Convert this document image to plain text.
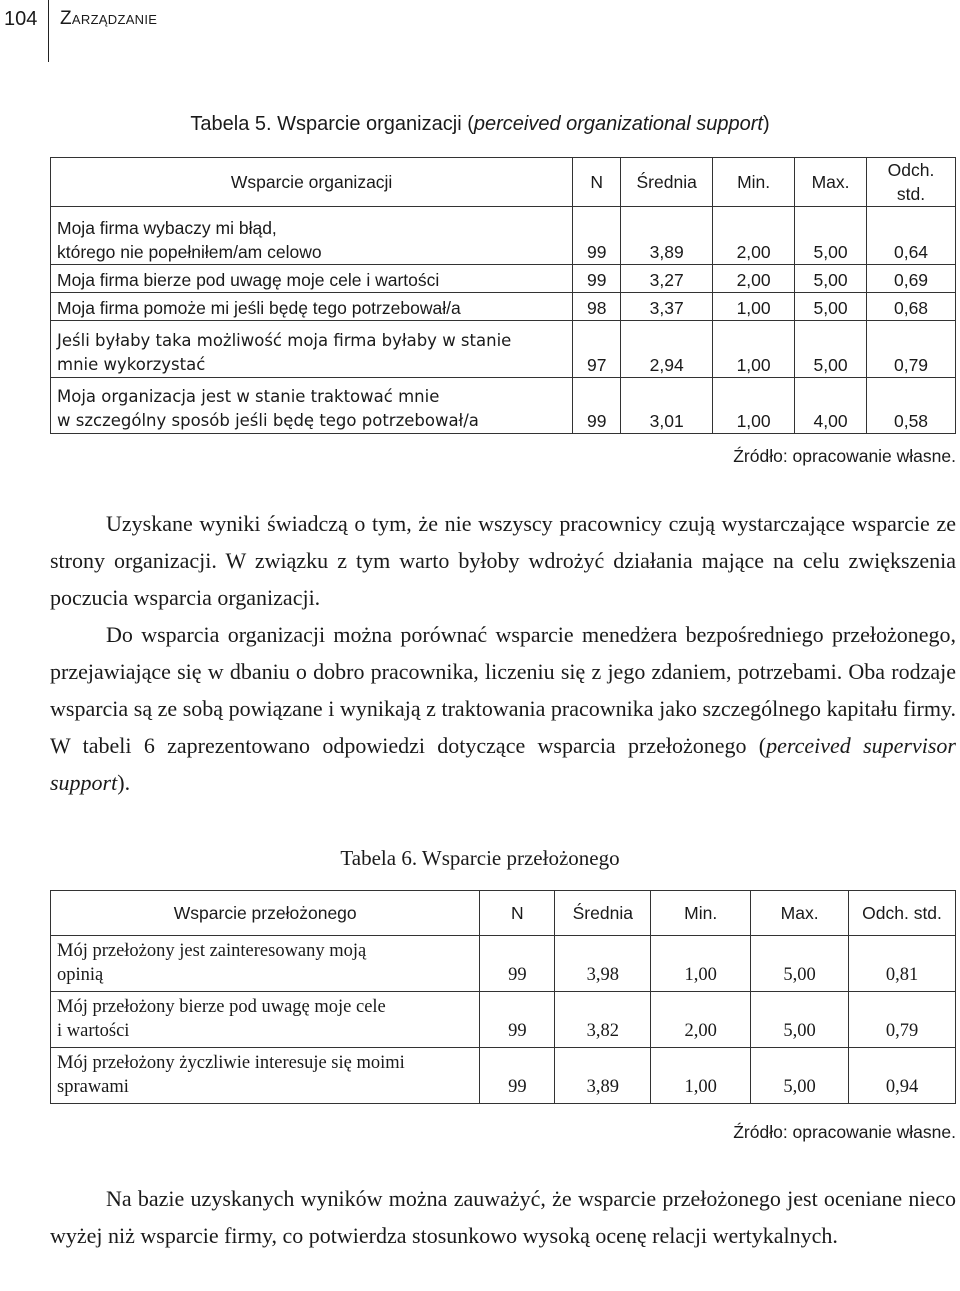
104 Zarządzanie
Tabela 5. Wsparcie organizacji (perceived organizational support)
Wsparcie organizacji	N	Średnia	Min.	Max.	Odch. std.

Moja firma wybaczy mi błąd,
którego nie popełniłem/am celowo	99	3,89	2,00	5,00	0,64

Moja firma bierze pod uwagę moje cele i wartości	99	3,27	2,00	5,00	0,69

Moja firma pomoże mi jeśli będę tego potrzebował/a	98	3,37	1,00	5,00	0,68

Jeśli byłaby taka możliwość moja firma byłaby w stanie
mnie wykorzystać	97	2,94	1,00	5,00	0,79

Moja organizacja jest w stanie traktować mnie
w szczególny sposób jeśli będę tego potrzebował/a	99	3,01	1,00	4,00	0,58
Źródło: opracowanie własne.

Uzyskane wyniki świadczą o tym, że nie wszyscy pracownicy czują wystarczające wsparcie ze strony organizacji. W związku z tym warto byłoby wdrożyć działania mające na celu zwiększenia poczucia wsparcia organizacji.

Do wsparcia organizacji można porównać wsparcie menedżera bezpośredniego przełożonego, przejawiające się w dbaniu o dobro pracownika, liczeniu się z jego zdaniem, potrzebami. Oba rodzaje wsparcia są ze sobą powiązane i wynikają z traktowania pracownika jako szczególnego kapitału firmy. W tabeli 6 zaprezentowano odpowiedzi dotyczące wsparcia przełożonego (perceived supervisor support).

Tabela 6. Wsparcie przełożonego
Wsparcie przełożonego	N	Średnia	Min.	Max.	Odch. std.

Mój przełożony jest zainteresowany moją
opinią	99	3,98	1,00	5,00	0,81

Mój przełożony bierze pod uwagę moje cele
i wartości	99	3,82	2,00	5,00	0,79

Mój przełożony życzliwie interesuje się moimi
sprawami	99	3,89	1,00	5,00	0,94
Źródło: opracowanie własne.

Na bazie uzyskanych wyników można zauważyć, że wsparcie przełożonego jest oceniane nieco wyżej niż wsparcie firmy, co potwierdza stosunkowo wysoką ocenę relacji wertykalnych.
